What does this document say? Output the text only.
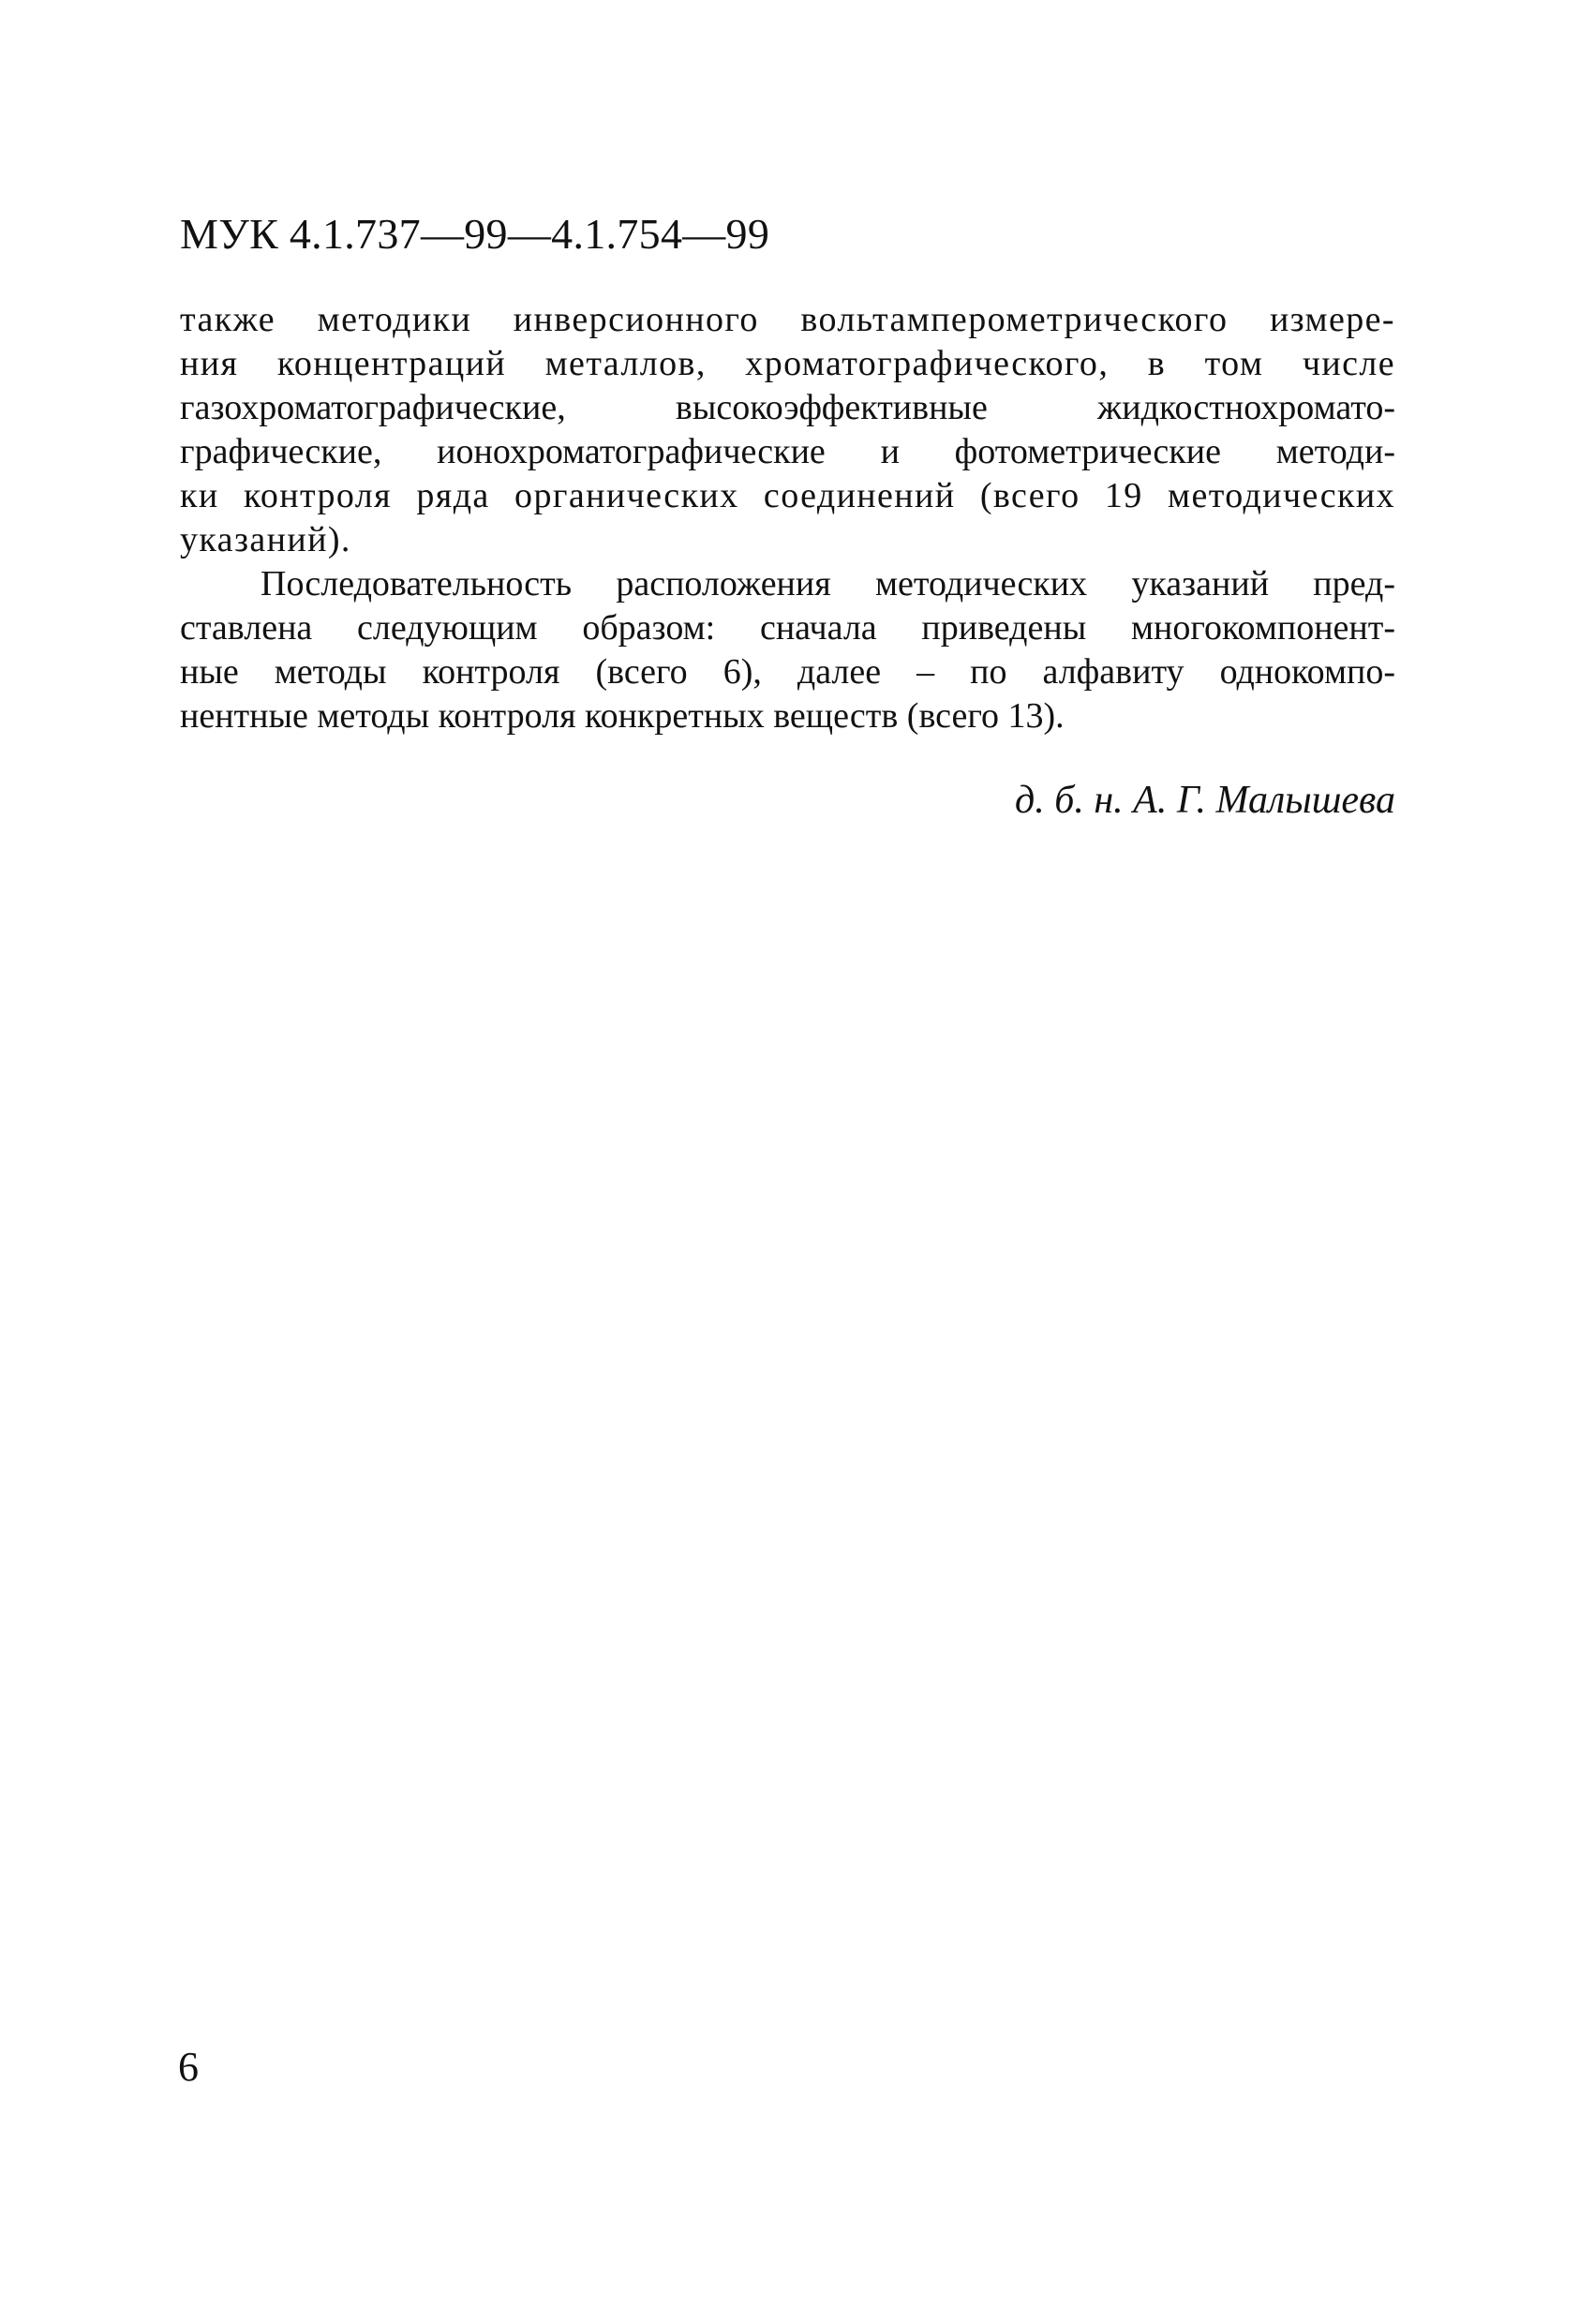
МУК 4.1.737—99—4.1.754—99
также методики инверсионного вольтамперометрического измере-
ния концентраций металлов, хроматографического, в том числе
газохроматографические, высокоэффективные жидкостнохромато-
графические, ионохроматографические и фотометрические методи-
ки контроля ряда органических соединений (всего 19 методических
указаний).
Последовательность расположения методических указаний пред-
ставлена следующим образом: сначала приведены многокомпонент-
ные методы контроля (всего 6), далее – по алфавиту однокомпо-
нентные методы контроля конкретных веществ (всего 13).
д. б. н. А. Г. Малышева
6
